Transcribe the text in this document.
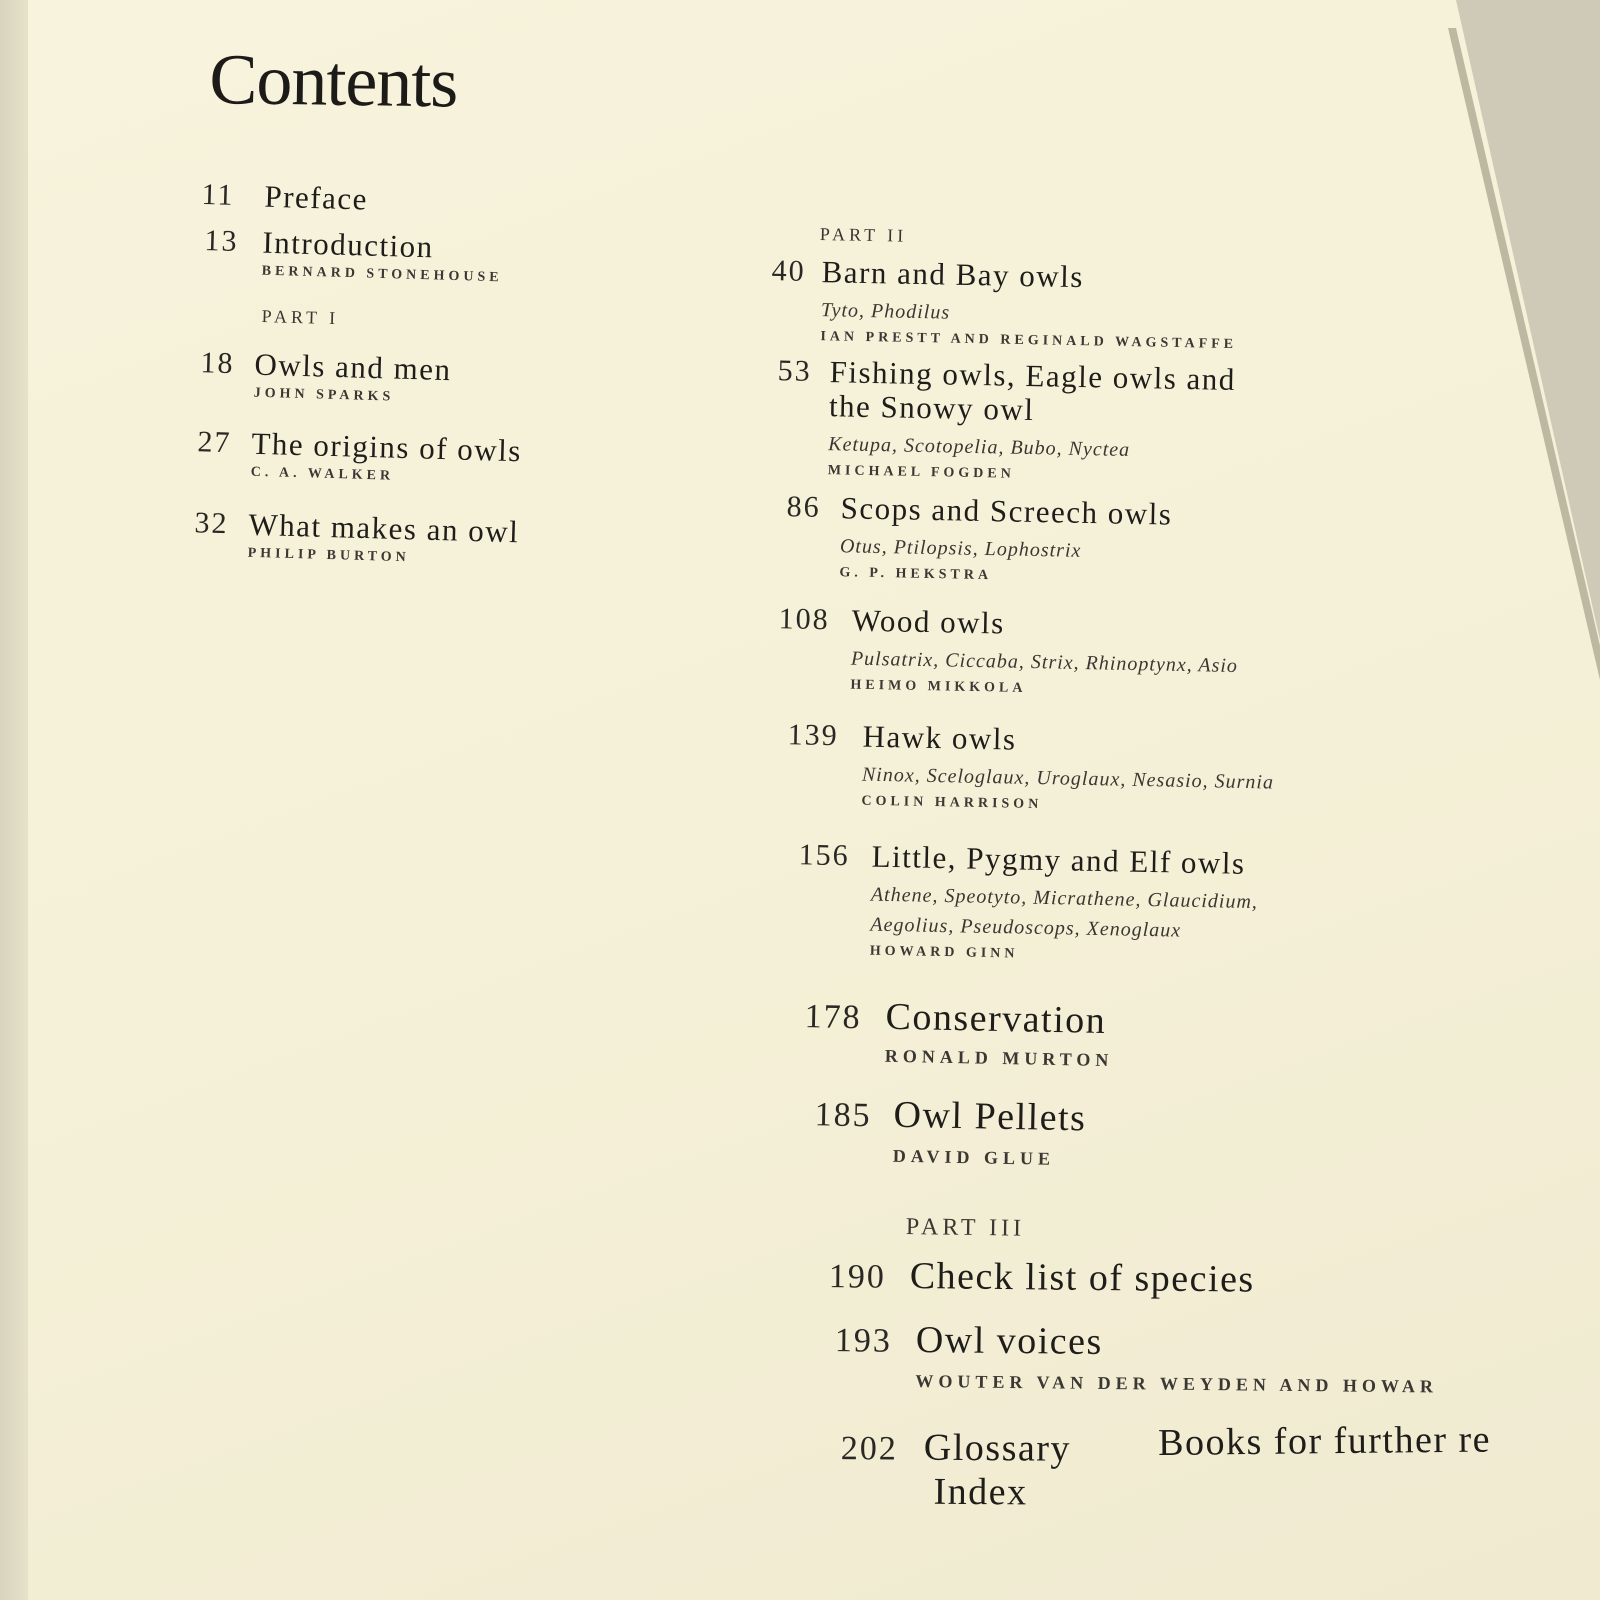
Contents
11 Preface
13 Introduction
BERNARD STONEHOUSE
PART I
18 Owls and men
JOHN SPARKS
27 The origins of owls
C. A. WALKER
32 What makes an owl
PHILIP BURTON
PART II
40 Barn and Bay owls
Tyto, Phodilus
IAN PRESTT AND REGINALD WAGSTAFFE
53 Fishing owls, Eagle owls and
the Snowy owl
Ketupa, Scotopelia, Bubo, Nyctea
MICHAEL FOGDEN
86 Scops and Screech owls
Otus, Ptilopsis, Lophostrix
G. P. HEKSTRA
108 Wood owls
Pulsatrix, Ciccaba, Strix, Rhinoptynx, Asio
HEIMO MIKKOLA
139 Hawk owls
Ninox, Sceloglaux, Uroglaux, Nesasio, Surnia
COLIN HARRISON
156 Little, Pygmy and Elf owls
Athene, Speotyto, Micrathene, Glaucidium,
Aegolius, Pseudoscops, Xenoglaux
HOWARD GINN
178 Conservation
RONALD MURTON
185 Owl Pellets
DAVID GLUE
PART III
190 Check list of species
193 Owl voices
WOUTER VAN DER WEYDEN AND HOWAR
202 Glossary
Index
Books for further re
